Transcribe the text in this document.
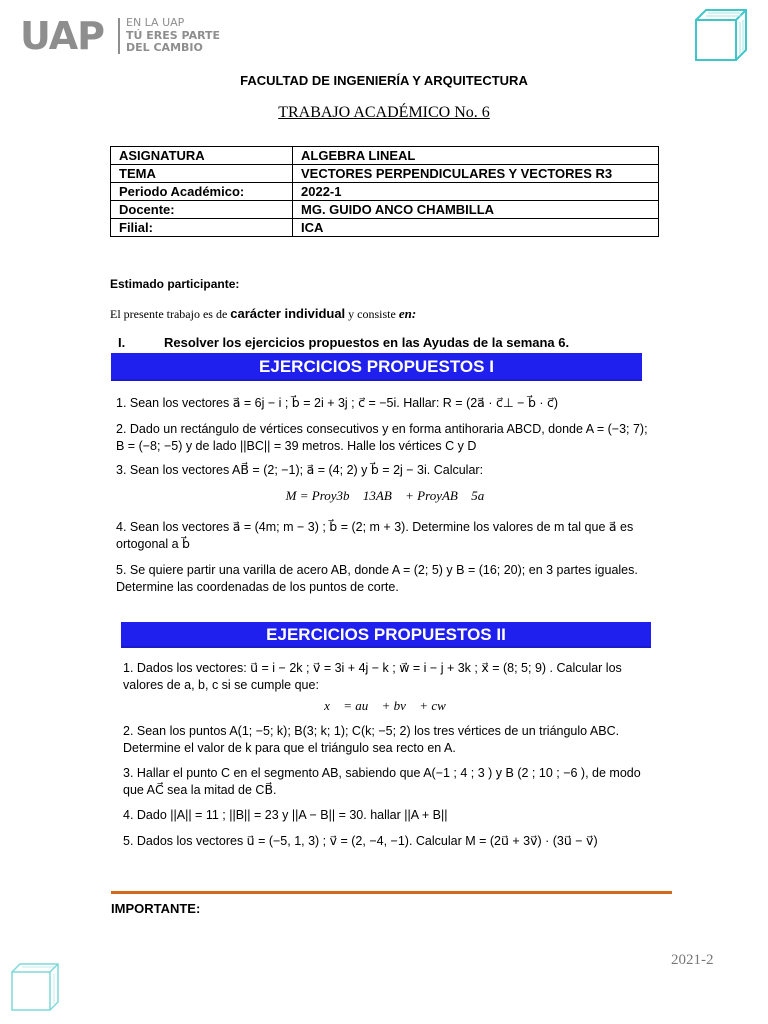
UAP EN LA UAP
TÚ ERES PARTE
DEL CAMBIO
FACULTAD DE INGENIERÍA Y ARQUITECTURA
TRABAJO ACADÉMICO No. 6
ASIGNATURA	ALGEBRA LINEAL
TEMA	VECTORES PERPENDICULARES Y VECTORES R3
Periodo Académico:	2022-1
Docente:	MG. GUIDO ANCO CHAMBILLA
Filial:	ICA
Estimado participante:
El presente trabajo es de carácter individual y consiste en:
I.	Resolver los ejercicios propuestos en las Ayudas de la semana 6.
EJERCICIOS PROPUESTOS I
1. Sean los vectores a⃗ = 6j − i ; b⃗ = 2i + 3j ; c⃗ = −5i. Hallar: R = (2a⃗ · c⃗⊥ − b⃗ · c⃗)
2. Dado un rectángulo de vértices consecutivos y en forma antihoraria ABCD, donde A = (−3; 7); B = (−8; −5) y de lado ||BC|| = 39 metros. Halle los vértices C y D
3. Sean los vectores AB⃗ = (2; −1); a⃗ = (4; 2) y b⃗ = 2j − 3i. Calcular:
M = Proy3b⃗ 13AB⃗ + ProyAB⃗ 5a⃗
4. Sean los vectores a⃗ = (4m; m − 3) ; b⃗ = (2; m + 3). Determine los valores de m tal que a⃗ es ortogonal a b⃗
5. Se quiere partir una varilla de acero AB, donde A = (2; 5) y B = (16; 20); en 3 partes iguales. Determine las coordenadas de los puntos de corte.
EJERCICIOS PROPUESTOS II
1. Dados los vectores: u⃗ = i − 2k ; v⃗ = 3i + 4j − k ; w⃗ = i − j + 3k ; x⃗ = (8; 5; 9) . Calcular los valores de a, b, c si se cumple que:
x⃗ = au⃗ + bv⃗ + cw⃗
2. Sean los puntos A(1; −5; k); B(3; k; 1); C(k; −5; 2) los tres vértices de un triángulo ABC. Determine el valor de k para que el triángulo sea recto en A.
3. Hallar el punto C en el segmento AB, sabiendo que A(−1 ; 4 ; 3 ) y B (2 ; 10 ; −6 ), de modo que AC⃗ sea la mitad de CB⃗.
4. Dado ||A|| = 11 ; ||B|| = 23 y ||A − B|| = 30. hallar ||A + B||
5. Dados los vectores u⃗ = (−5, 1, 3) ; v⃗ = (2, −4, −1). Calcular M = (2u⃗ + 3v⃗) · (3u⃗ − v⃗)
IMPORTANTE:
2021-2
